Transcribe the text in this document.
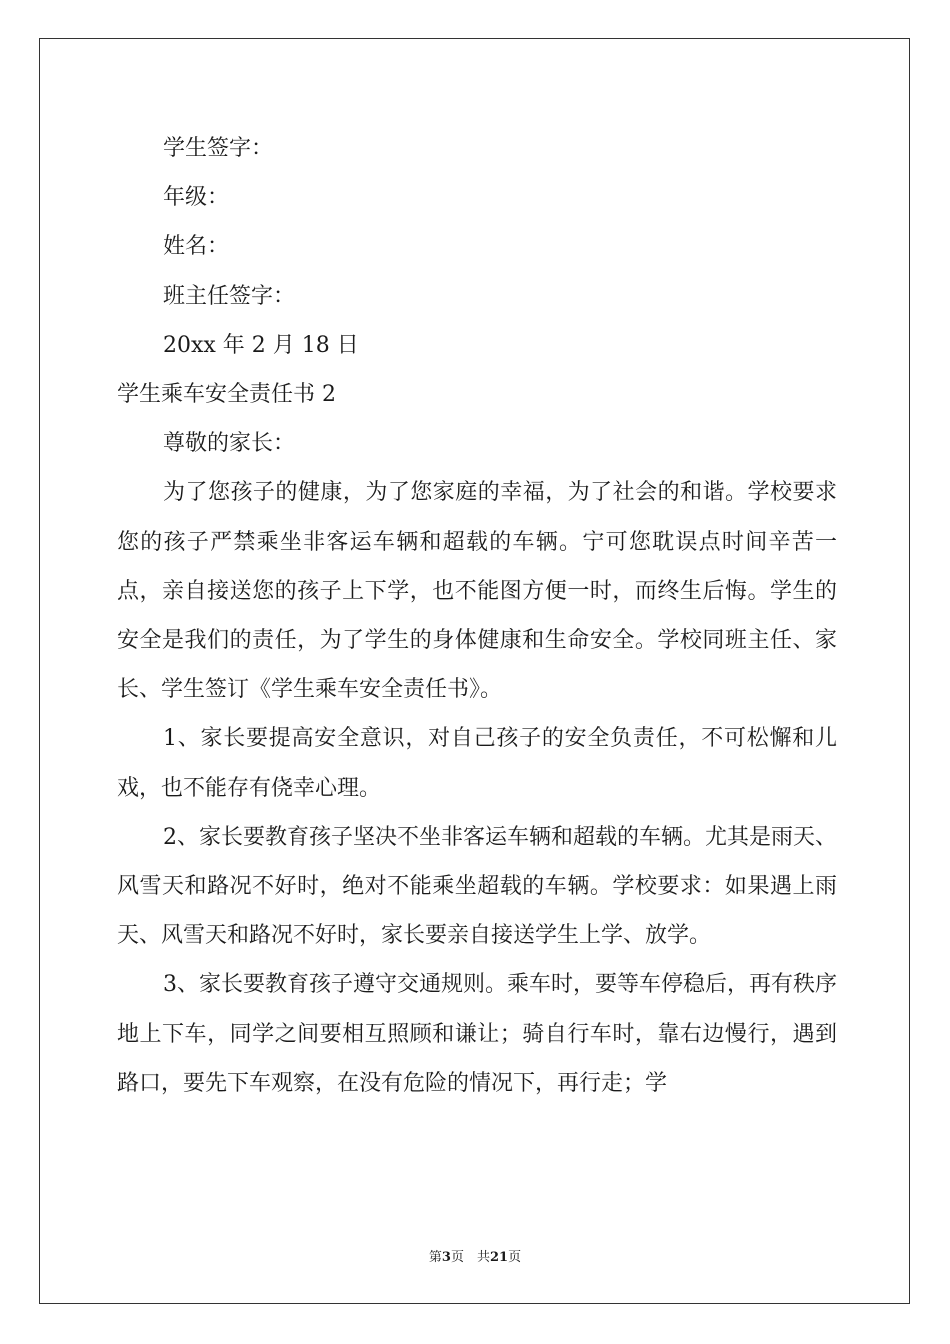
学生签字：

年级：

姓名：

班主任签字：

20xx 年 2 月 18 日

学生乘车安全责任书 2

尊敬的家长：

为了您孩子的健康，为了您家庭的幸福，为了社会的和谐。学校要求您的孩子严禁乘坐非客运车辆和超载的车辆。宁可您耽误点时间辛苦一点，亲自接送您的孩子上下学，也不能图方便一时，而终生后悔。学生的安全是我们的责任，为了学生的身体健康和生命安全。学校同班主任、家长、学生签订《学生乘车安全责任书》。

1、家长要提高安全意识，对自己孩子的安全负责任，不可松懈和儿戏，也不能存有侥幸心理。

2、家长要教育孩子坚决不坐非客运车辆和超载的车辆。尤其是雨天、风雪天和路况不好时，绝对不能乘坐超载的车辆。学校要求：如果遇上雨天、风雪天和路况不好时，家长要亲自接送学生上学、放学。

3、家长要教育孩子遵守交通规则。乘车时，要等车停稳后，再有秩序地上下车，同学之间要相互照顾和谦让；骑自行车时，靠右边慢行，遇到路口，要先下车观察，在没有危险的情况下，再行走；学

第3页　共21页
